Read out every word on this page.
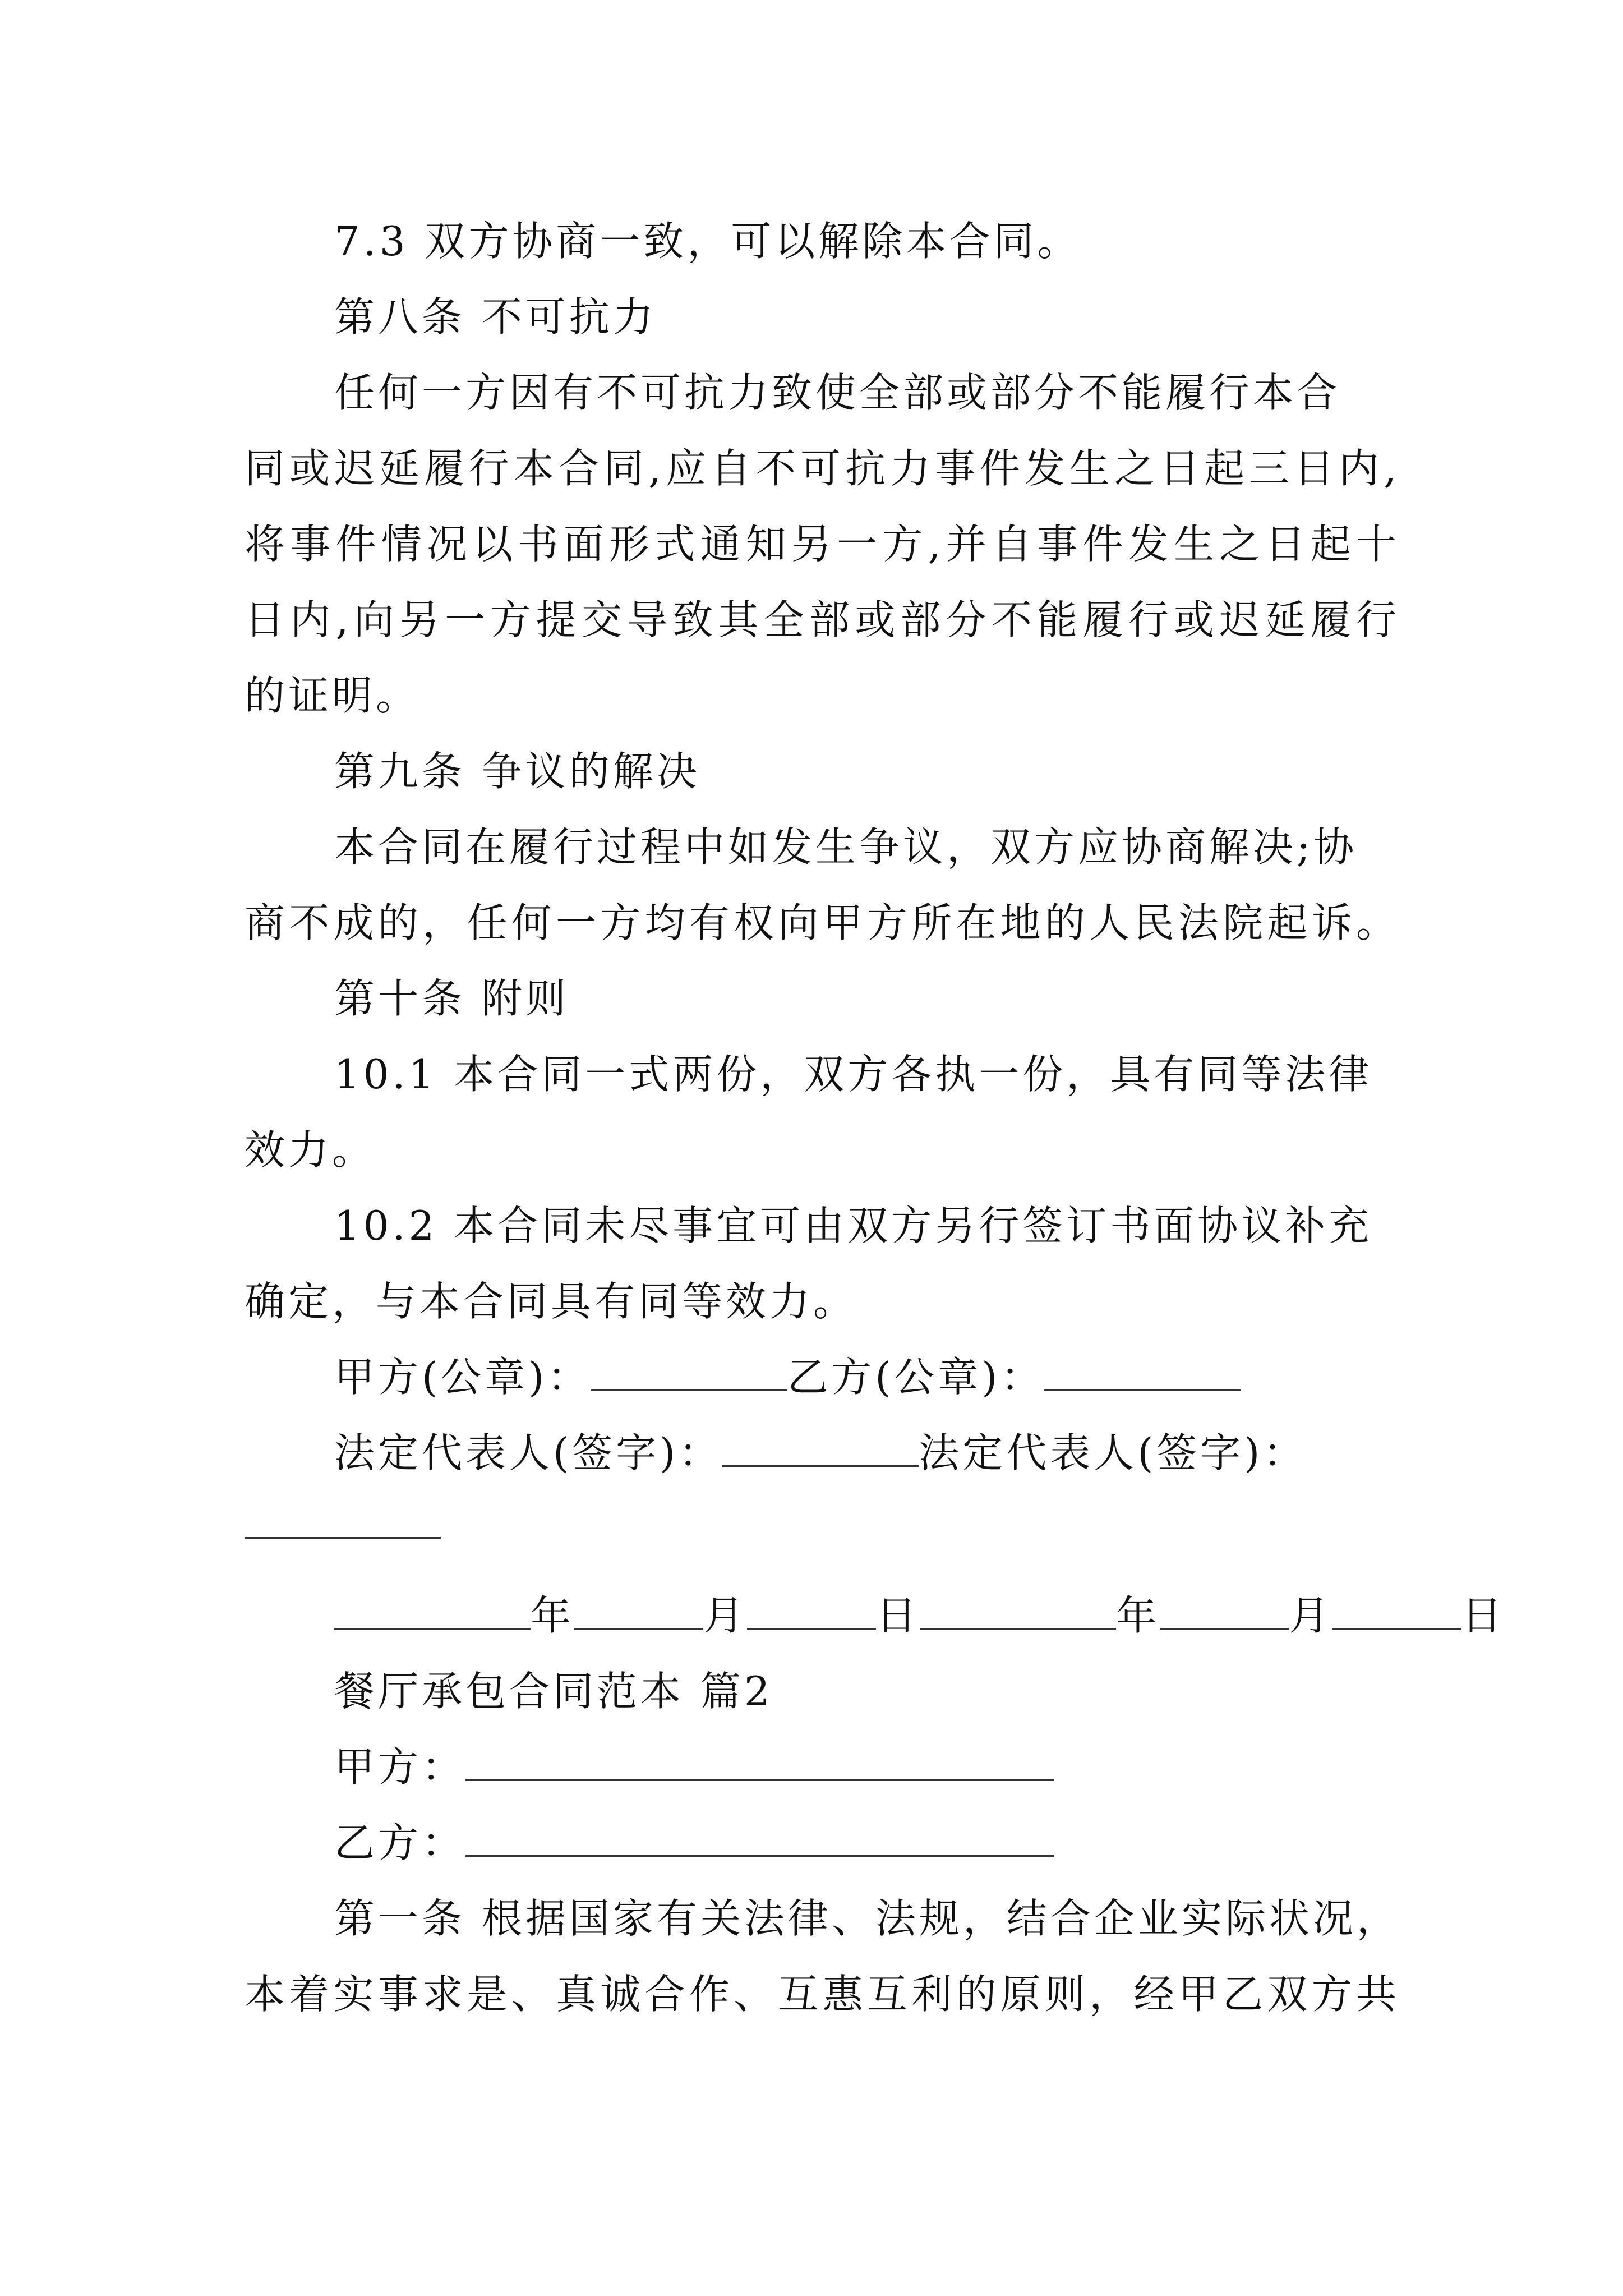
7.3 双方协商一致，可以解除本合同。
第八条 不可抗力
任何一方因有不可抗力致使全部或部分不能履行本合
同或迟延履行本合同,应自不可抗力事件发生之日起三日内,
将事件情况以书面形式通知另一方,并自事件发生之日起十
日内,向另一方提交导致其全部或部分不能履行或迟延履行
的证明。
第九条 争议的解决
本合同在履行过程中如发生争议，双方应协商解决;协
商不成的，任何一方均有权向甲方所在地的人民法院起诉。
第十条 附则
10.1 本合同一式两份，双方各执一份，具有同等法律
效力。
10.2 本合同未尽事宜可由双方另行签订书面协议补充
确定，与本合同具有同等效力。
甲方(公章)：	乙方(公章)：
法定代表人(签字)：	法定代表人(签字)：
年	月	日	年	月	日
餐厅承包合同范本 篇2
甲方：
乙方：
第一条 根据国家有关法律、法规，结合企业实际状况，
本着实事求是、真诚合作、互惠互利的原则，经甲乙双方共
